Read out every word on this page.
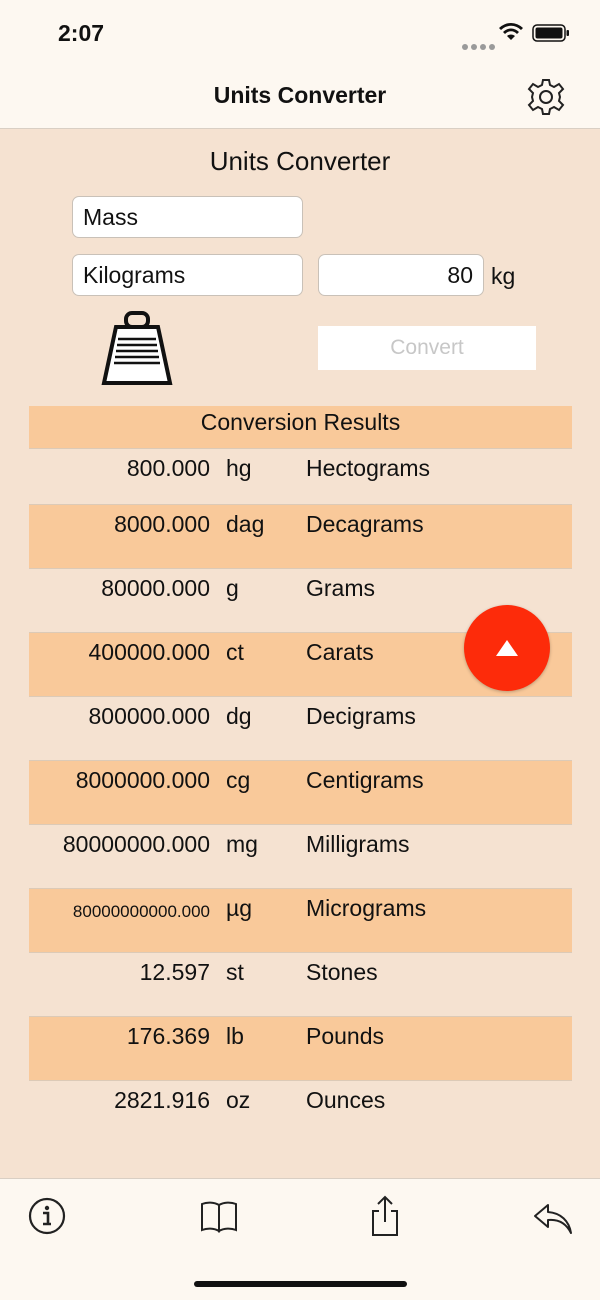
2:07
Units Converter
Units Converter
Mass
Kilograms	80 kg
Convert
Conversion Results
800.000 hg Hectograms
8000.000 dag Decagrams
80000.000 g	Grams
400000.000 ct	Carats
800000.000 dg Decigrams
8000000.000 cg Centigrams
80000000.000 mg Milligrams
80000000000.000 µg Micrograms
12.597 st	Stones
176.369 lb	Pounds
2821.916 oz Ounces
